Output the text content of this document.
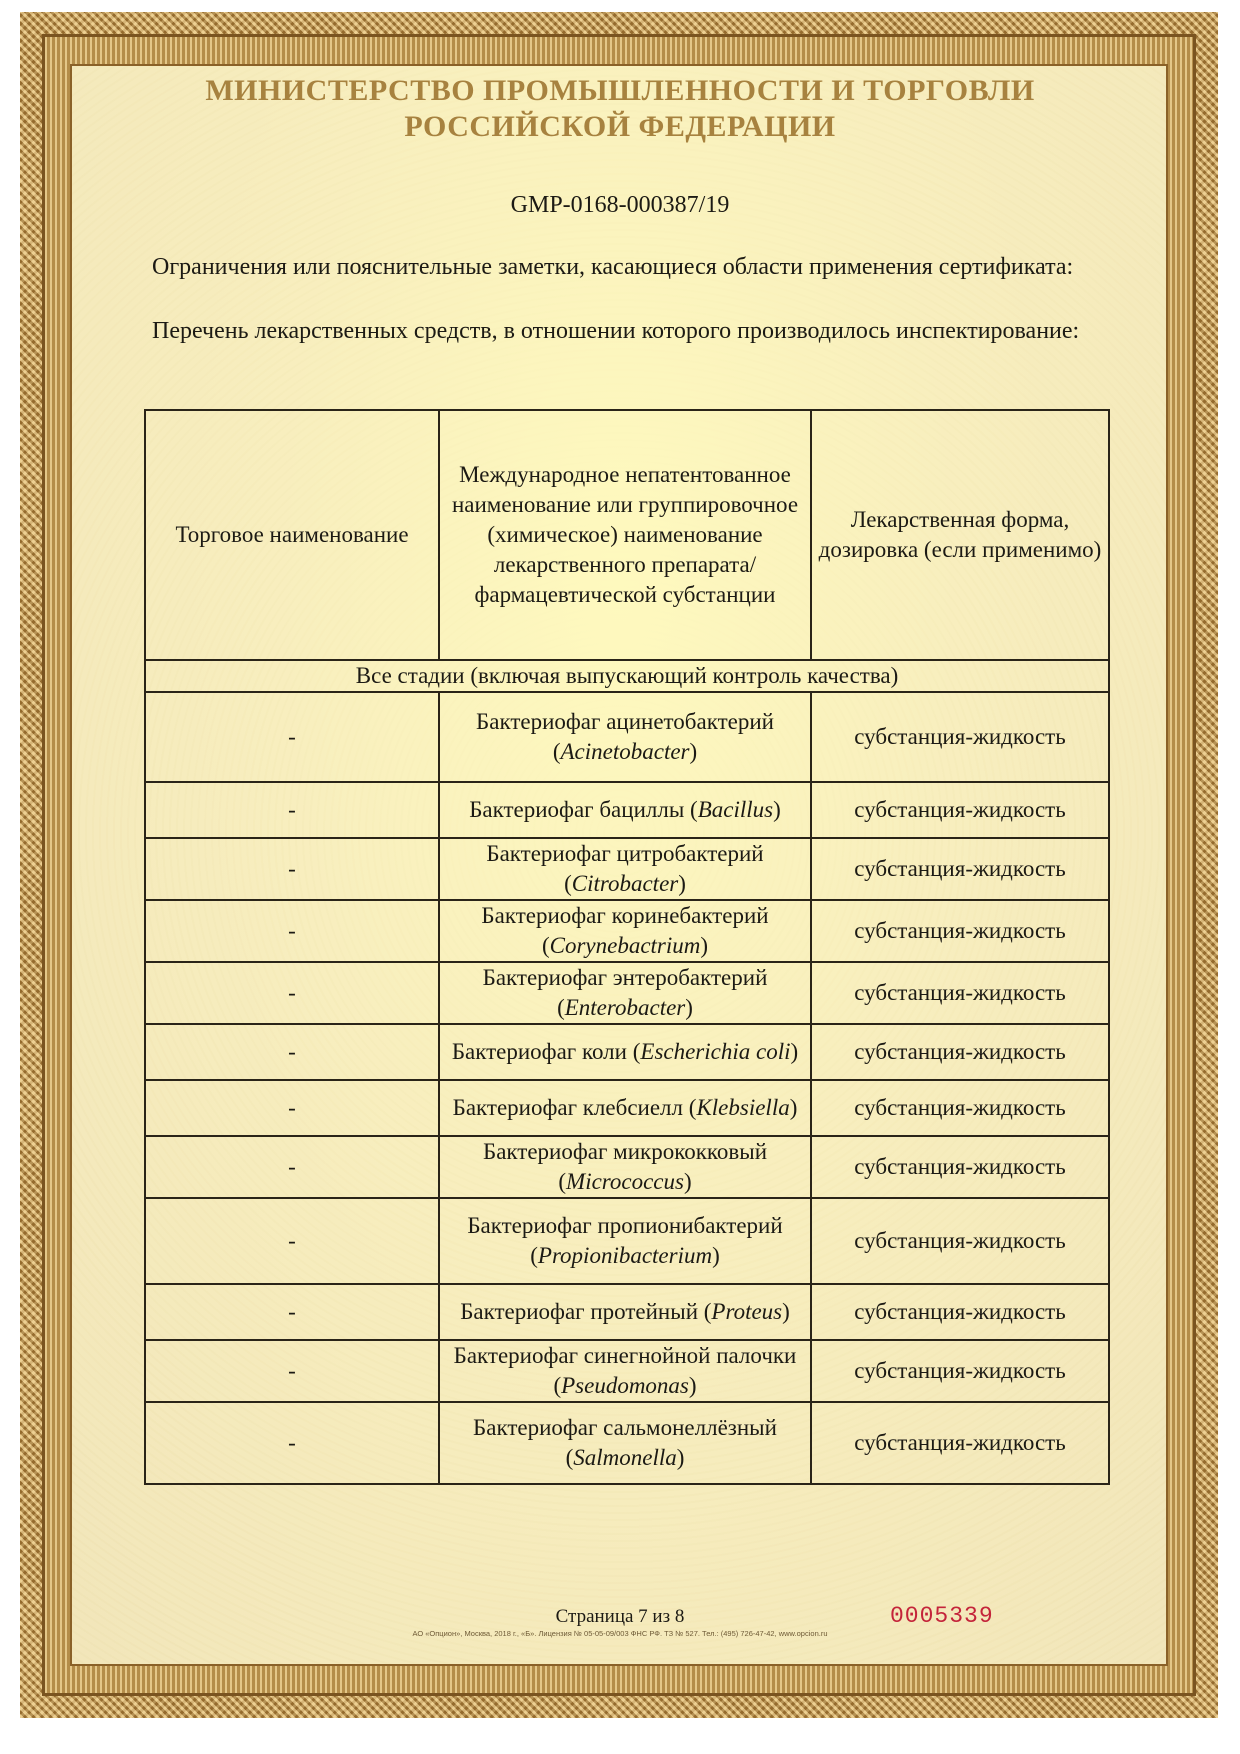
МИНИСТЕРСТВО ПРОМЫШЛЕННОСТИ И ТОРГОВЛИ
РОССИЙСКОЙ ФЕДЕРАЦИИ
GMP-0168-000387/19
Ограничения или пояснительные заметки, касающиеся области применения сертификата:
Перечень лекарственных средств, в отношении которого производилось инспектирование:
Торговое наименование	Международное непатентованное наименование или группировочное (химическое) наименование лекарственного препарата/фармацевтической субстанции	Лекарственная форма, дозировка (если применимо)
Все стадии (включая выпускающий контроль качества)		
-	Бактериофаг ацинетобактерий (Acinetobacter)	субстанция-жидкость
-	Бактериофаг бациллы (Bacillus)	субстанция-жидкость
-	Бактериофаг цитробактерий (Citrobacter)	субстанция-жидкость
-	Бактериофаг коринебактерий (Corynebactrium)	субстанция-жидкость
-	Бактериофаг энтеробактерий (Enterobacter)	субстанция-жидкость
-	Бактериофаг коли (Escherichia coli)	субстанция-жидкость
-	Бактериофаг клебсиелл (Klebsiella)	субстанция-жидкость
-	Бактериофаг микрококковый (Micrococcus)	субстанция-жидкость
-	Бактериофаг пропионибактерий (Propionibacterium)	субстанция-жидкость
-	Бактериофаг протейный (Proteus)	субстанция-жидкость
-	Бактериофаг синегнойной палочки (Pseudomonas)	субстанция-жидкость
-	Бактериофаг сальмонеллёзный (Salmonella)	субстанция-жидкость
Страница 7 из 8	0005339
АО «Опцион», Москва, 2018 г., «Б». Лицензия № 05-05-09/003 ФНС РФ. ТЗ № 527. Тел.: (495) 726-47-42, www.opcion.ru
